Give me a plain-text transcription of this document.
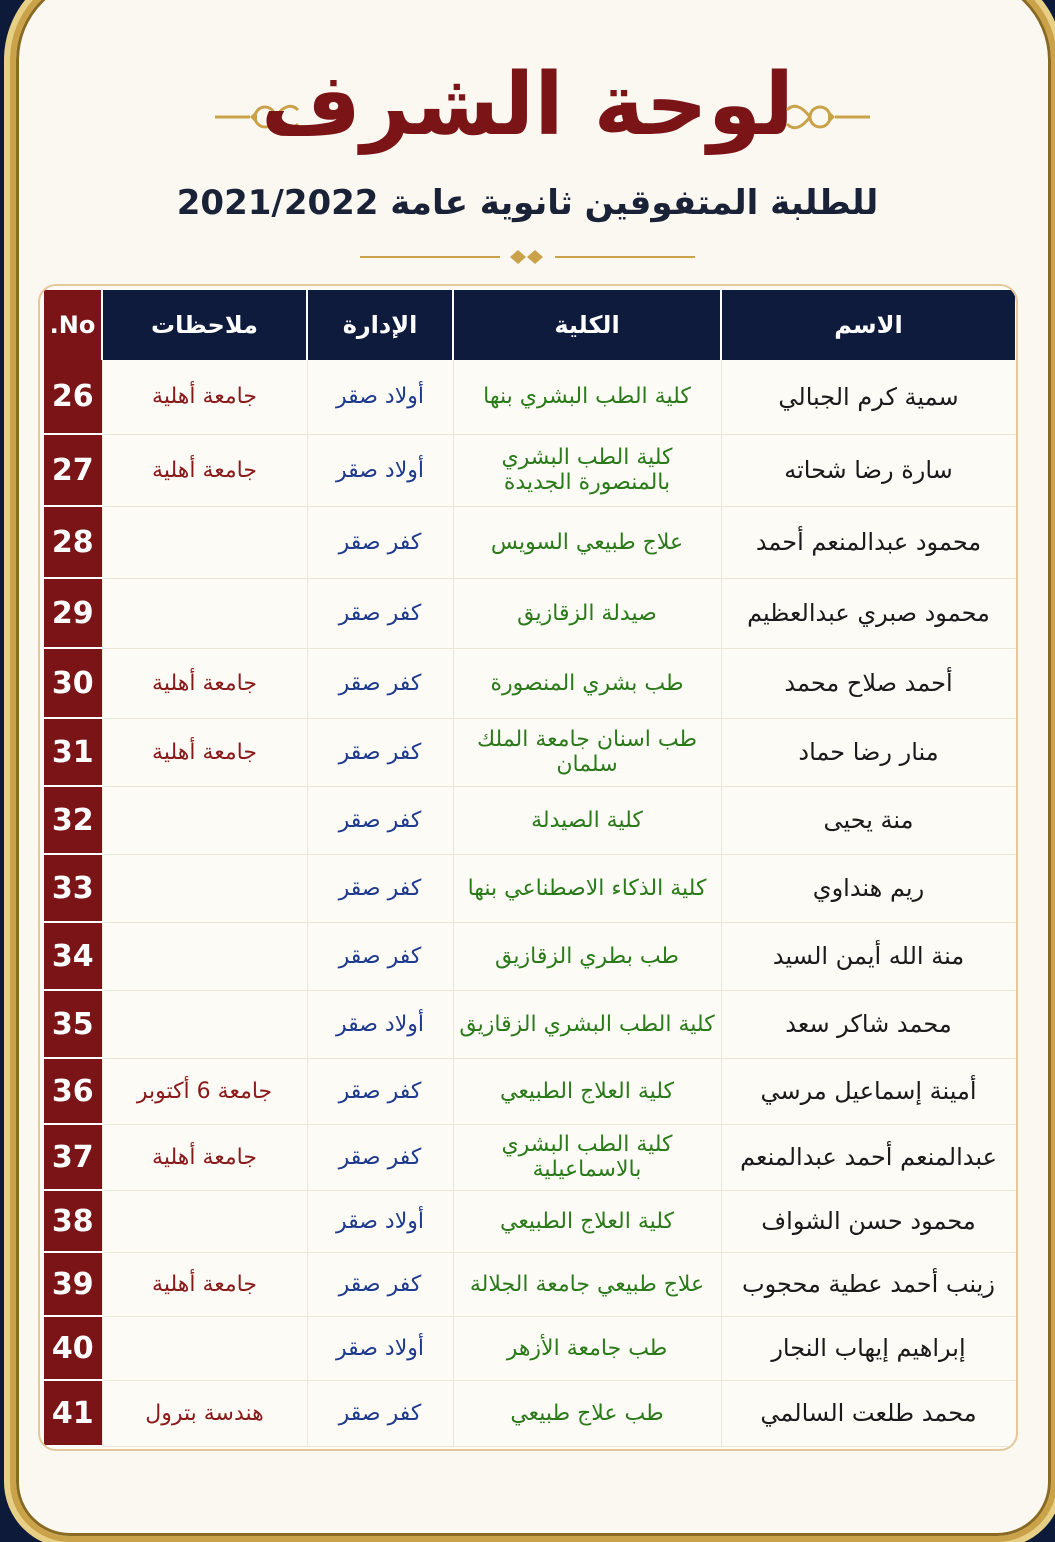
لوحة الشرف
للطلبة المتفوقين ثانوية عامة 2021/2022
No.	ملاحظات	الإدارة	الكلية	الاسم
26	جامعة أهلية	أولاد صقر	كلية الطب البشري بنها	سمية كرم الجبالي
27	جامعة أهلية	أولاد صقر	كلية الطب البشري بالمنصورة الجديدة	سارة رضا شحاته
28		كفر صقر	علاج طبيعي السويس	محمود عبدالمنعم أحمد
29		كفر صقر	صيدلة الزقازيق	محمود صبري عبدالعظيم
30	جامعة أهلية	كفر صقر	طب بشري المنصورة	أحمد صلاح محمد
31	جامعة أهلية	كفر صقر	طب اسنان جامعة الملك سلمان	منار رضا حماد
32		كفر صقر	كلية الصيدلة	منة يحيى
33		كفر صقر	كلية الذكاء الاصطناعي بنها	ريم هنداوي
34		كفر صقر	طب بطري الزقازيق	منة الله أيمن السيد
35		أولاد صقر	كلية الطب البشري الزقازيق	محمد شاكر سعد
36	جامعة 6 أكتوبر	كفر صقر	كلية العلاج الطبيعي	أمينة إسماعيل مرسي
37	جامعة أهلية	كفر صقر	كلية الطب البشري بالاسماعيلية	عبدالمنعم أحمد عبدالمنعم
38		أولاد صقر	كلية العلاج الطبيعي	محمود حسن الشواف
39	جامعة أهلية	كفر صقر	علاج طبيعي جامعة الجلالة	زينب أحمد عطية محجوب
40		أولاد صقر	طب جامعة الأزهر	إبراهيم إيهاب النجار
41	هندسة بترول	كفر صقر	طب علاج طبيعي	محمد طلعت السالمي
